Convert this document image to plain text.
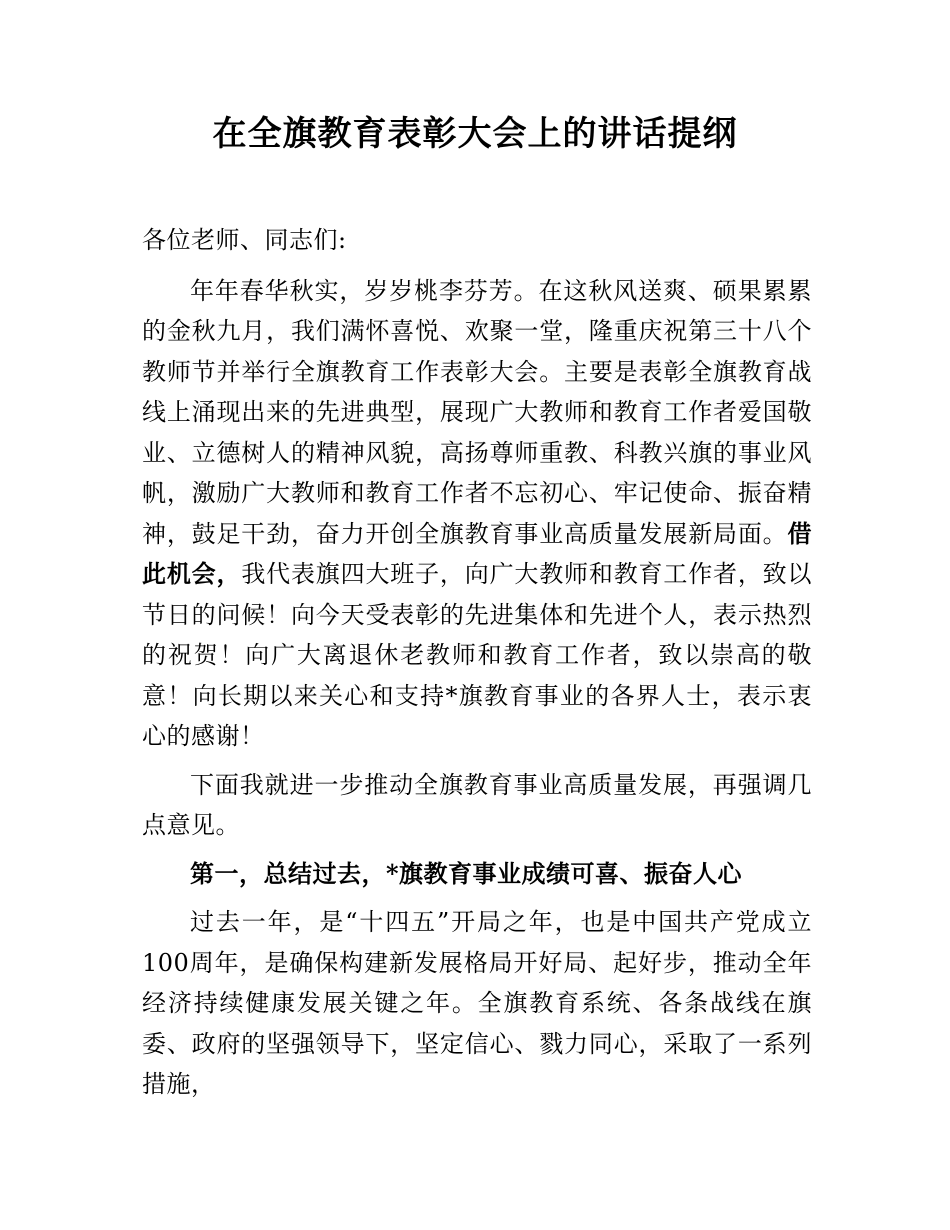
在全旗教育表彰大会上的讲话提纲

各位老师、同志们:

年年春华秋实，岁岁桃李芬芳。在这秋风送爽、硕果累累的金秋九月，我们满怀喜悦、欢聚一堂，隆重庆祝第三十八个教师节并举行全旗教育工作表彰大会。主要是表彰全旗教育战线上涌现出来的先进典型，展现广大教师和教育工作者爱国敬业、立德树人的精神风貌，高扬尊师重教、科教兴旗的事业风帆，激励广大教师和教育工作者不忘初心、牢记使命、振奋精神，鼓足干劲，奋力开创全旗教育事业高质量发展新局面。借此机会，我代表旗四大班子，向广大教师和教育工作者，致以节日的问候！向今天受表彰的先进集体和先进个人，表示热烈的祝贺！向广大离退休老教师和教育工作者，致以崇高的敬意！向长期以来关心和支持*旗教育事业的各界人士，表示衷心的感谢！

下面我就进一步推动全旗教育事业高质量发展，再强调几点意见。

第一，总结过去，*旗教育事业成绩可喜、振奋人心

过去一年，是“十四五”开局之年，也是中国共产党成立100周年，是确保构建新发展格局开好局、起好步，推动全年经济持续健康发展关键之年。全旗教育系统、各条战线在旗委、政府的坚强领导下，坚定信心、戮力同心，采取了一系列措施，
